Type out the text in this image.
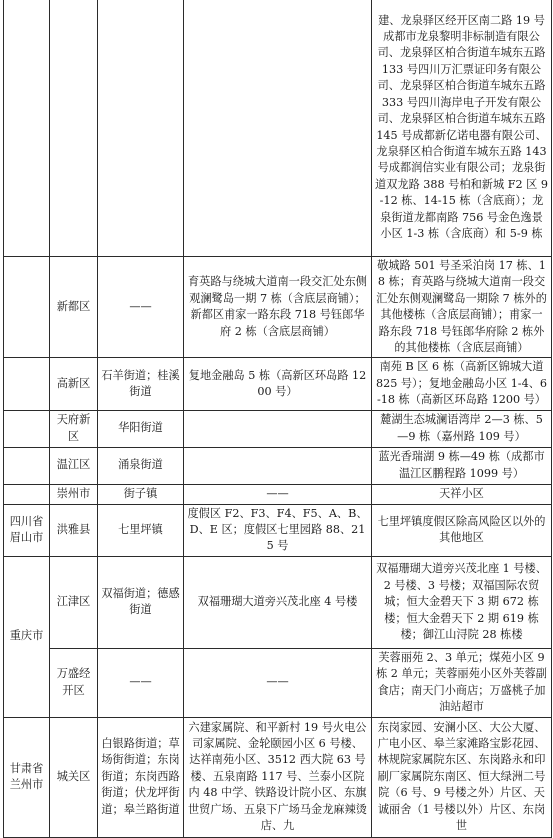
				建、龙泉驿区经开区南二路 19 号成都市龙泉黎明非标制造有限公司、龙泉驿区柏合街道车城东五路 133 号四川万汇票证印务有限公司、龙泉驿区柏合街道车城东五路 333 号四川海岸电子开发有限公司、龙泉驿区柏合街道车城东五路 145 号成都新亿诺电器有限公司、龙泉驿区柏合街道车城东五路 143 号成都润信实业有限公司；龙泉街道双龙路 388 号柏和新城 F2 区 9-12 栋、14-15 栋（含底商）；龙泉街道龙都南路 756 号金色逸景小区 1-3 栋（含底商）和 5-9 栋
	新都区	——	育英路与绕城大道南一段交汇处东侧观澜鹭岛一期 7 栋（含底层商铺）；新都区甫家一路东段 718 号钰郎华府 2 栋（含底层商铺）	敬城路 501 号圣采泊岗 17 栋、18 栋；育英路与绕城大道南一段交汇处东侧观澜鹭岛一期除 7 栋外的其他楼栋（含底层商铺）；甫家一路东段 718 号钰郎华府除 2 栋外的其他楼栋（含底层商铺）
	高新区	石羊街道；桂溪街道	复地金融岛 5 栋（高新区环岛路 1200 号）	南苑 B 区 6 栋（高新区锦城大道 825 号）；复地金融岛小区 1-4、6-18 栋（高新区环岛路 1200 号）
	天府新区	华阳街道		麓湖生态城澜语湾岸 2—3 栋、5—9 栋（嘉州路 109 号）
	温江区	涌泉街道		蓝光香瑞湖 9 栋—49 栋（成都市温江区鹏程路 1099 号）
	崇州市	街子镇	——	天祥小区
四川省眉山市	洪雅县	七里坪镇	度假区 F2、F3、F4、F5、A、B、D、E 区；度假区七里园路 88、215 号	七里坪镇度假区除高风险区以外的其他地区
重庆市	江津区	双福街道；德感街道	双福珊瑚大道旁兴茂北座 4 号楼	双福珊瑚大道旁兴茂北座 1 号楼、2 号楼、3 号楼；双福国际农贸城；恒大金碧天下 3 期 672 栋楼；恒大金碧天下 2 期 619 栋楼；御江山浔院 28 栋楼
	万盛经开区	——	——	芙蓉丽苑 2、3 单元；煤苑小区 9 栋 2 单元；芙蓉丽苑小区外芙蓉副食店；南天门小商店；万盛桃子加油站超市
甘肃省兰州市	城关区	白银路街道；草场街街道；东岗街道；东岗西路街道；伏龙坪街道；皋兰路街道	六建家属院、和平新村 19 号火电公司家属院、金轮颐园小区 6 号楼、达祥南苑小区、3512 西大院 63 号楼、五泉南路 117 号、兰泰小区院内 48 中学、铁路设计院小区、东旗世贸广场、五泉下广场马金龙麻辣烫店、九	东岗家园、安澜小区、大公大厦、广电小区、皋兰家滩路宝影花园、林规院家属院东区、东岗路永和印刷厂家属院东南区、恒大绿洲二号院（6 号、9 号楼之外）片区、天诚丽舍（1 号楼以外）片区、东岗世
